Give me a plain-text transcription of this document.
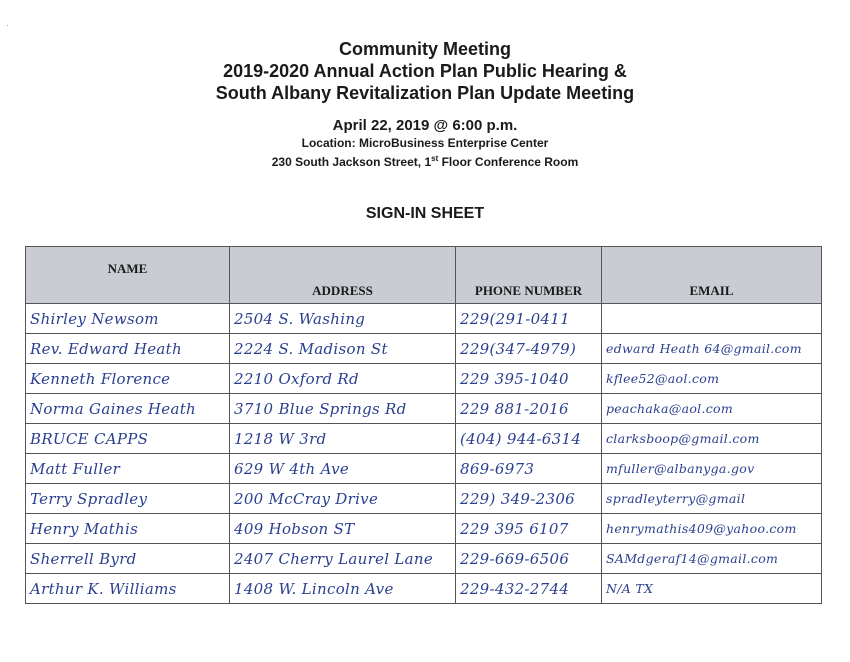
·
Community Meeting
2019-2020 Annual Action Plan Public Hearing &
South Albany Revitalization Plan Update Meeting
April 22, 2019 @ 6:00 p.m.
Location: MicroBusiness Enterprise Center
230 South Jackson Street, 1st Floor Conference Room
SIGN-IN SHEET
NAME	ADDRESS	PHONE NUMBER	EMAIL
Shirley Newsom	2504 S. Washing	229(291-0411	
Rev. Edward Heath	2224 S. Madison St	229(347-4979)	edward Heath 64@gmail.com
Kenneth Florence	2210 Oxford Rd	229 395-1040	kflee52@aol.com
Norma Gaines Heath	3710 Blue Springs Rd	229 881-2016	peachaka@aol.com
BRUCE CAPPS	1218 W 3rd	(404) 944-6314	clarksboop@gmail.com
Matt Fuller	629 W 4th Ave	869-6973	mfuller@albanyga.gov
Terry Spradley	200 McCray Drive	229) 349-2306	spradleyterry@gmail
Henry Mathis	409 Hobson ST	229 395 6107	henrymathis409@yahoo.com
Sherrell Byrd	2407 Cherry Laurel Lane	229-669-6506	SAMdgeraf14@gmail.com
Arthur K. Williams	1408 W. Lincoln Ave	229-432-2744	N/A TX
